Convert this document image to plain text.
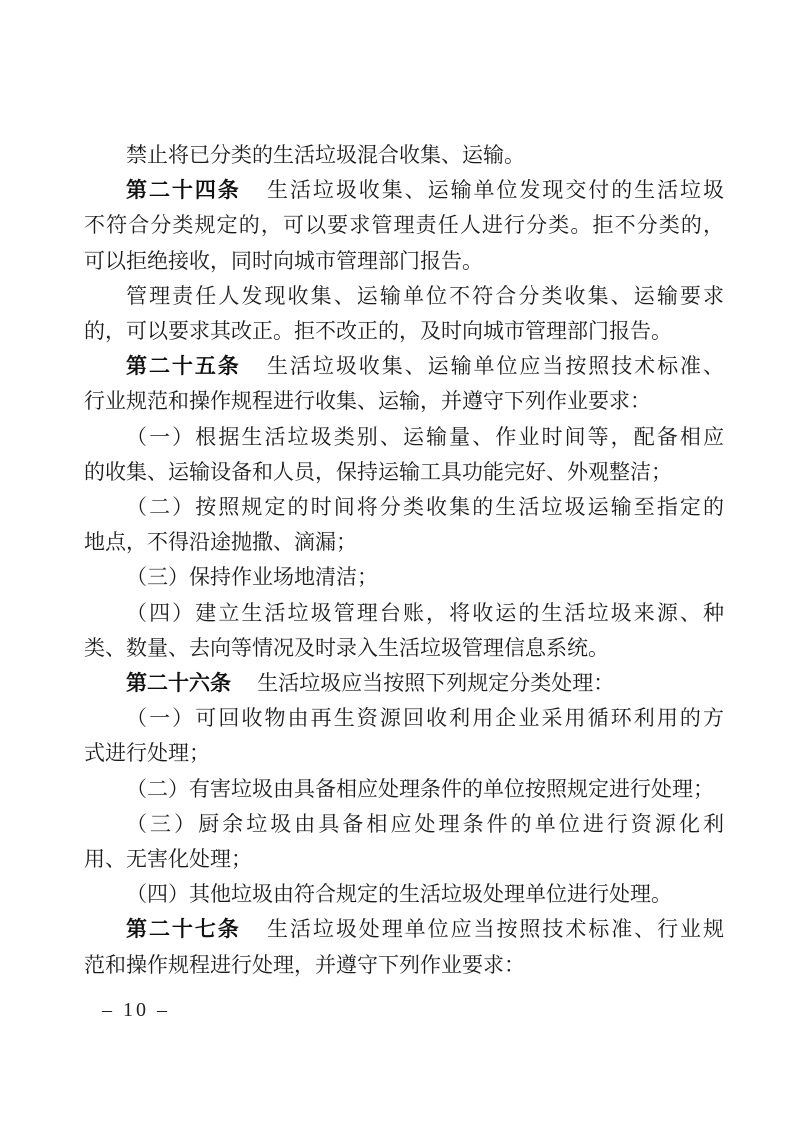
禁止将已分类的生活垃圾混合收集、运输。
第二十四条 生活垃圾收集、运输单位发现交付的生活垃圾
不符合分类规定的，可以要求管理责任人进行分类。拒不分类的，
可以拒绝接收，同时向城市管理部门报告。
管理责任人发现收集、运输单位不符合分类收集、运输要求
的，可以要求其改正。拒不改正的，及时向城市管理部门报告。
第二十五条 生活垃圾收集、运输单位应当按照技术标准、
行业规范和操作规程进行收集、运输，并遵守下列作业要求：
（一）根据生活垃圾类别、运输量、作业时间等，配备相应
的收集、运输设备和人员，保持运输工具功能完好、外观整洁；
（二）按照规定的时间将分类收集的生活垃圾运输至指定的
地点，不得沿途抛撒、滴漏；
（三）保持作业场地清洁；
（四）建立生活垃圾管理台账，将收运的生活垃圾来源、种
类、数量、去向等情况及时录入生活垃圾管理信息系统。
第二十六条 生活垃圾应当按照下列规定分类处理：
（一）可回收物由再生资源回收利用企业采用循环利用的方
式进行处理；
（二）有害垃圾由具备相应处理条件的单位按照规定进行处理；
（三）厨余垃圾由具备相应处理条件的单位进行资源化利
用、无害化处理；
（四）其他垃圾由符合规定的生活垃圾处理单位进行处理。
第二十七条 生活垃圾处理单位应当按照技术标准、行业规
范和操作规程进行处理，并遵守下列作业要求：
– 10 –
